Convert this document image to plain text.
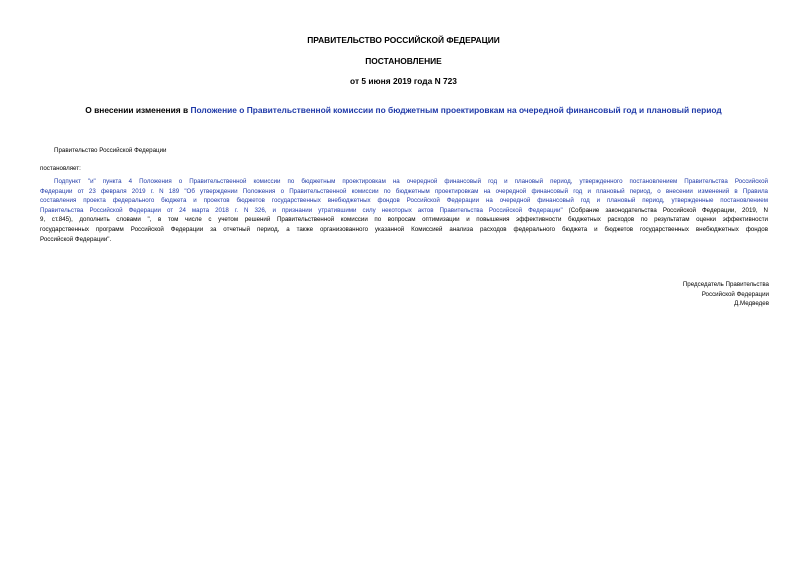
ПРАВИТЕЛЬСТВО РОССИЙСКОЙ ФЕДЕРАЦИИ
ПОСТАНОВЛЕНИЕ
от 5 июня 2019 года N 723
О внесении изменения в Положение о Правительственной комиссии по бюджетным проектировкам на очередной финансовый год и плановый период
Правительство Российской Федерации
постановляет:
Подпункт "и" пункта 4 Положения о Правительственной комиссии по бюджетным проектировкам на очередной финансовый год и плановый период, утвержденного постановлением Правительства Российской
Федерации от 23 февраля 2019 г. N 189 "Об утверждении Положения о Правительственной комиссии по бюджетным проектировкам на очередной финансовый год и плановый период, о внесении изменений в Правила
составления проекта федерального бюджета и проектов бюджетов государственных внебюджетных фондов Российской Федерации на очередной финансовый год и плановый период, утвержденные постановлением
Правительства Российской Федерации от 24 марта 2018 г. N 326, и признании утратившими силу некоторых актов Правительства Российской Федерации" (Собрание законодательства Российской Федерации, 2019, N
9, ст.845), дополнить словами ", в том числе с учетом решений Правительственной комиссии по вопросам оптимизации и повышения эффективности бюджетных расходов по результатам оценки эффективности
государственных программ Российской Федерации за отчетный период, а также организованного указанной Комиссией анализа расходов федерального бюджета и бюджетов государственных внебюджетных фондов
Российской Федерации".
Председатель Правительства
Российской Федерации
Д.Медведев
